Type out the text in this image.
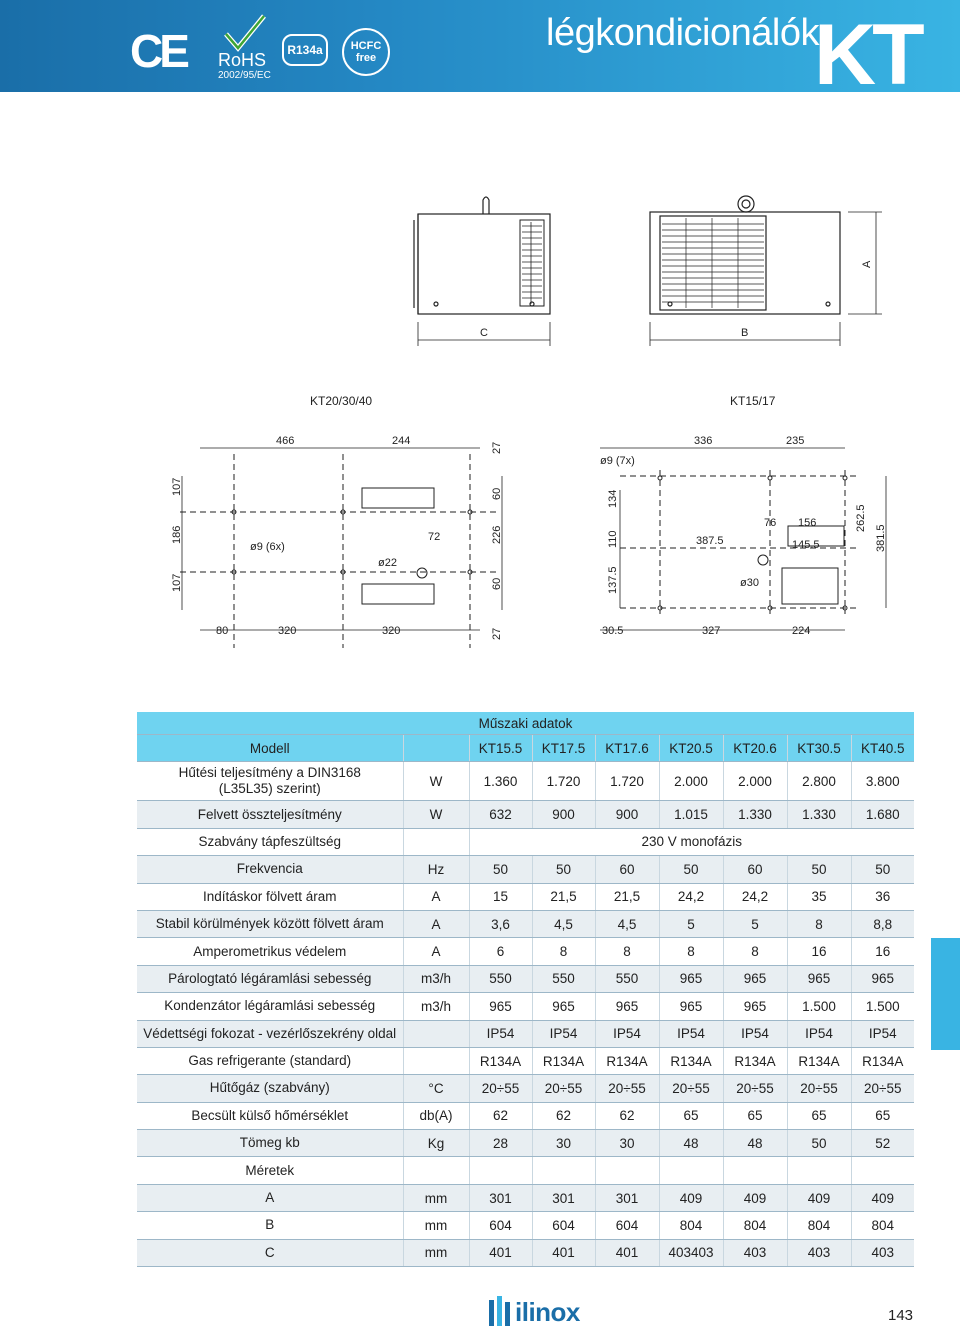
CE RoHS
2002/95/EC
R134a	HCFC
free
légkondicionálók
KT
A
B
C
KT20/30/40	KT15/17
466	244
27
107
186
107
60
226
60
ø9 (6x)
ø22
72
80	320	320	27
336	235
ø9 (7x)
134
110
137.5
387.5
76 156
145.5
ø30
262.5
381.5
30.5	327	224
Műszaki adatok								
Modell		KT15.5	KT17.5	KT17.6	KT20.5	KT20.6	KT30.5	KT40.5
Hűtési teljesítmény a DIN3168
(L35L35) szerint)	W	1.360	1.720	1.720	2.000	2.000	2.800	3.800
Felvett összteljesítmény	W	632	900	900	1.015	1.330	1.330	1.680
Szabvány tápfeszültség		230 V monofázis						
Frekvencia	Hz	50	50	60	50	60	50	50
Indításkor fölvett áram	A	15	21,5	21,5	24,2	24,2	35	36
Stabil körülmények között fölvett áram	A	3,6	4,5	4,5	5	5	8	8,8
Amperometrikus védelem	A	6	8	8	8	8	16	16
Párologtató légáramlási sebesség	m3/h	550	550	550	965	965	965	965
Kondenzátor légáramlási sebesség	m3/h	965	965	965	965	965	1.500	1.500
Védettségi fokozat - vezérlőszekrény oldal		IP54	IP54	IP54	IP54	IP54	IP54	IP54
Gas refrigerante (standard)		R134A	R134A	R134A	R134A	R134A	R134A	R134A
Hűtőgáz (szabvány)	°C	20÷55	20÷55	20÷55	20÷55	20÷55	20÷55	20÷55
Becsült külső hőmérséklet	db(A)	62	62	62	65	65	65	65
Tömeg kb	Kg	28	30	30	48	48	50	52
Méretek								
A	mm	301	301	301	409	409	409	409
B	mm	604	604	604	804	804	804	804
C	mm	401	401	401	403403	403	403	403
ilinox	143
